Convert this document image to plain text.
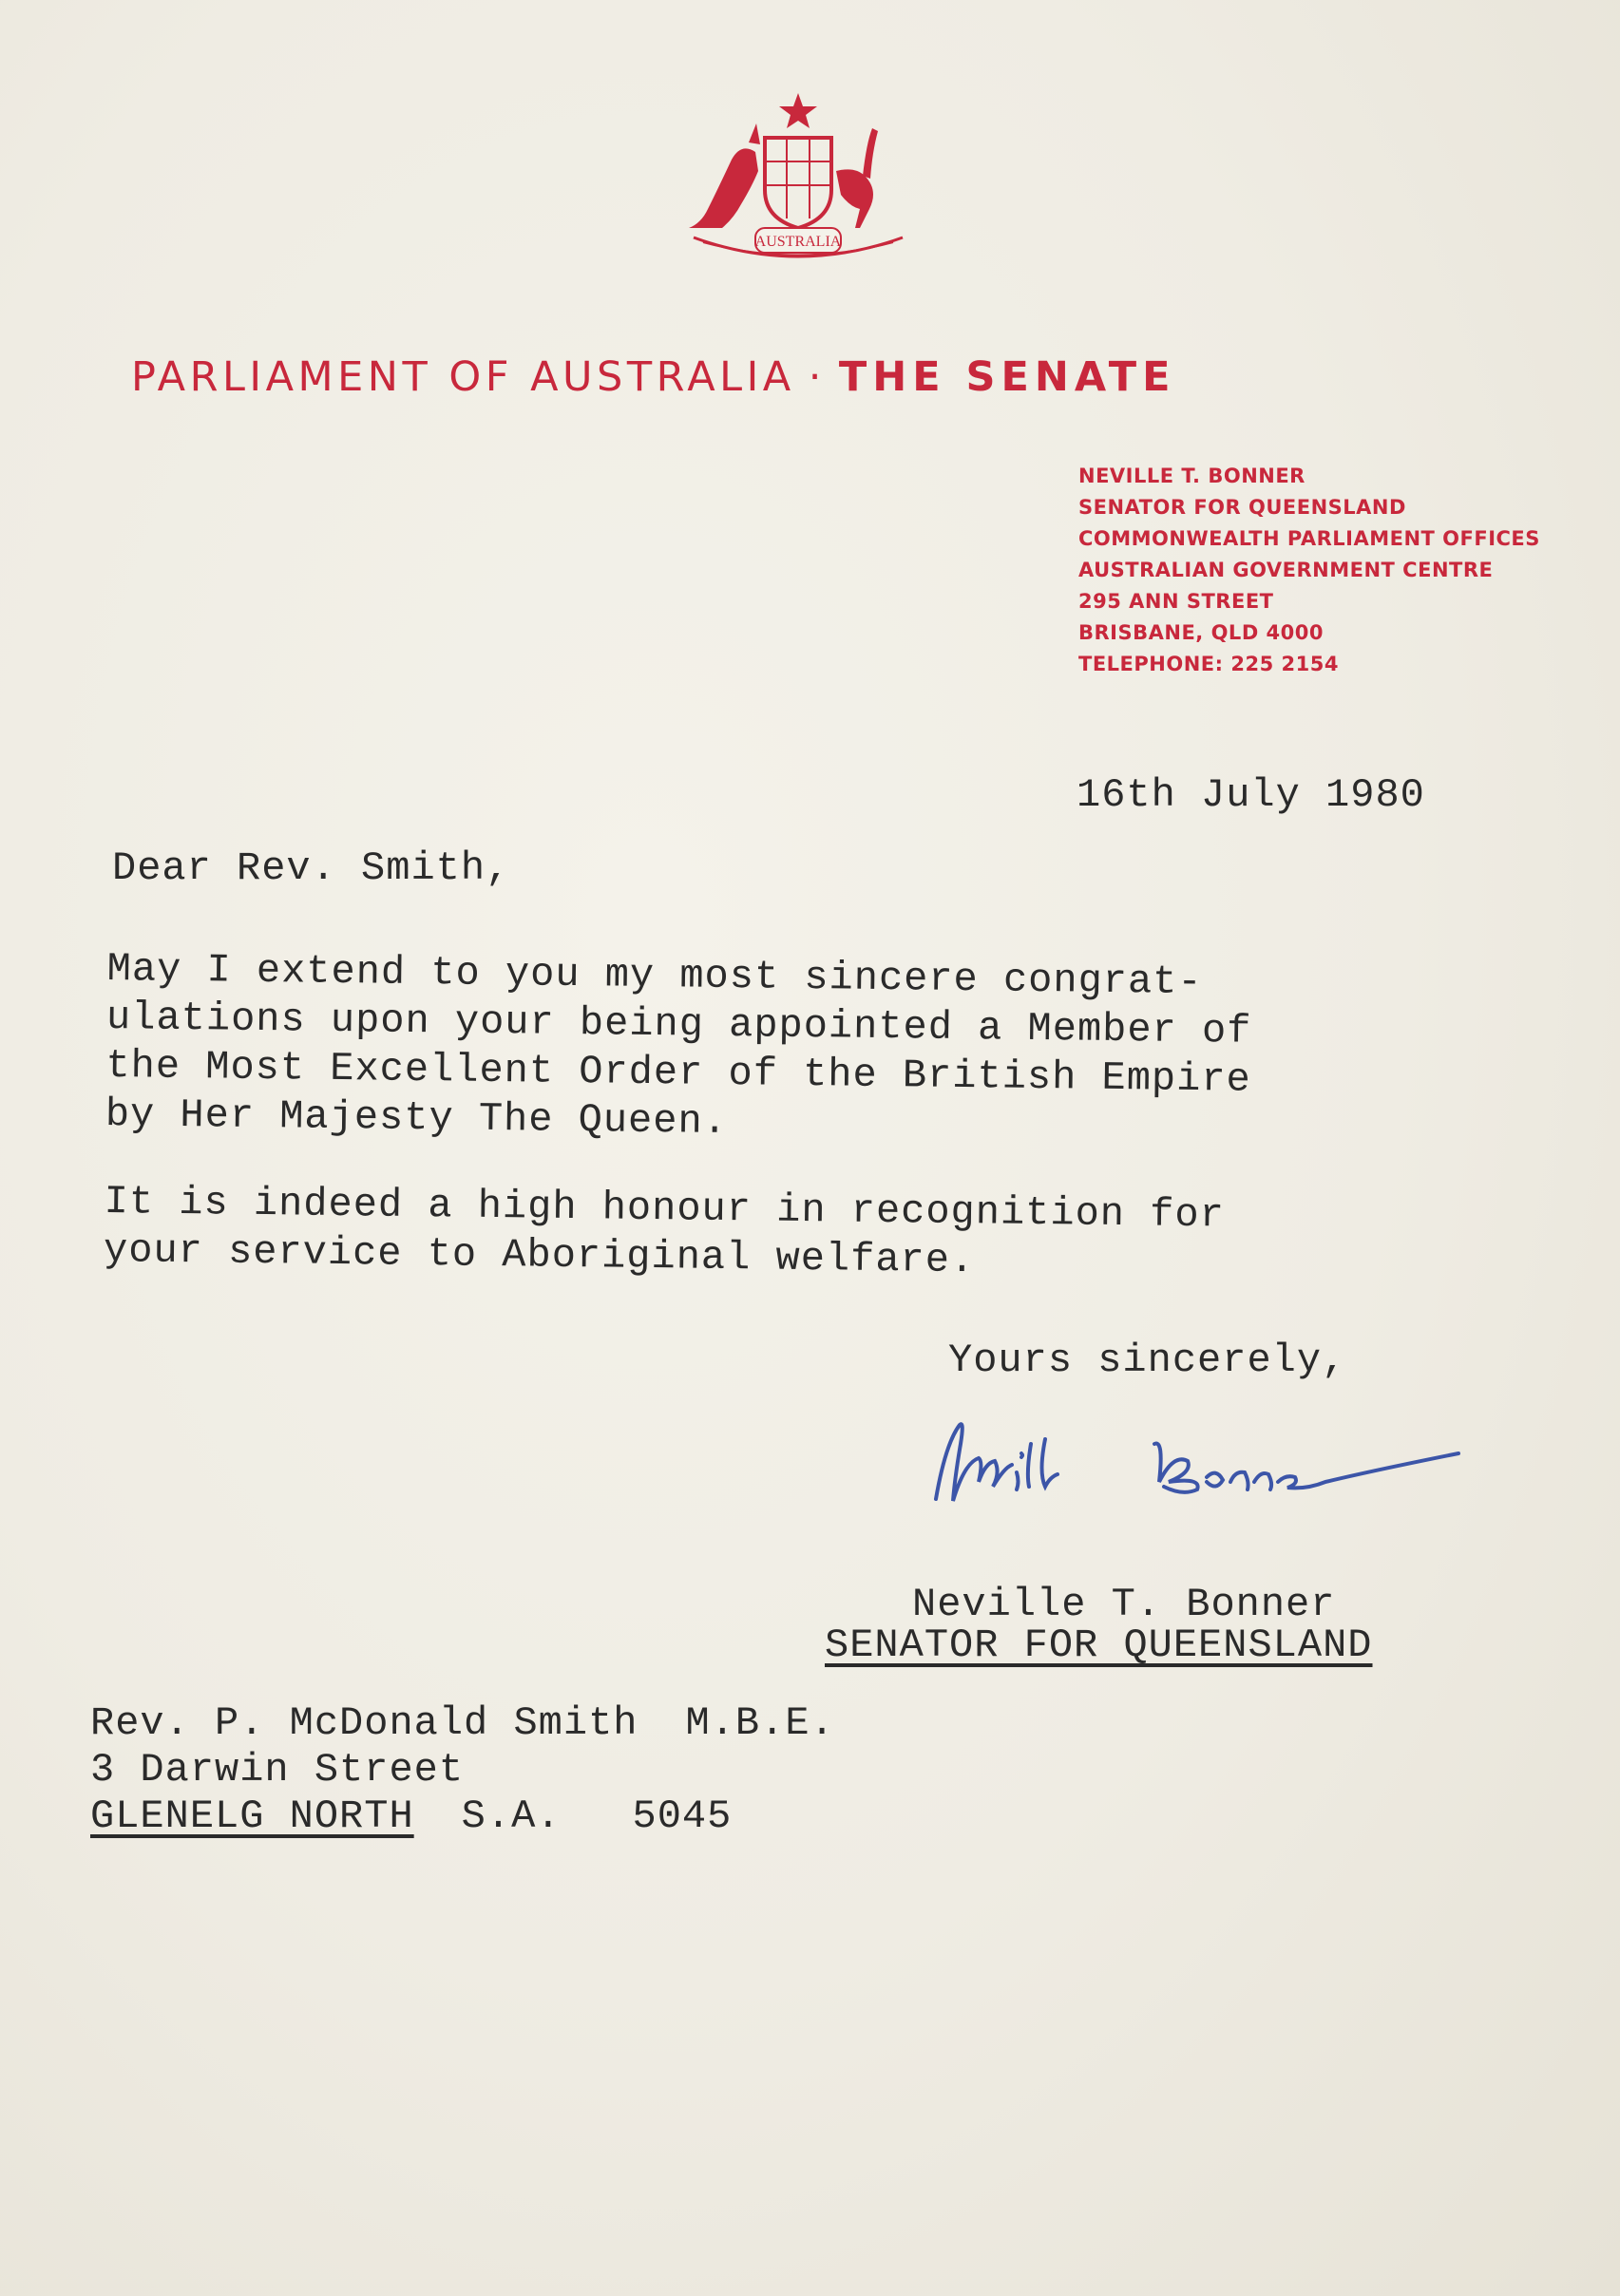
AUSTRALIA
PARLIAMENT OF AUSTRALIA · THE SENATE
NEVILLE T. BONNER
SENATOR FOR QUEENSLAND
COMMONWEALTH PARLIAMENT OFFICES
AUSTRALIAN GOVERNMENT CENTRE
295 ANN STREET
BRISBANE, QLD 4000
TELEPHONE: 225 2154
16th July 1980
Dear Rev. Smith,
May I extend to you my most sincere congrat-
ulations upon your being appointed a Member of
the Most Excellent Order of the British Empire
by Her Majesty The Queen.
It is indeed a high honour in recognition for
your service to Aboriginal welfare.
Yours sincerely,
Neville T. Bonner
SENATOR FOR QUEENSLAND
Rev. P. McDonald Smith M.B.E.
3 Darwin Street
GLENELG NORTH S.A. 5045
